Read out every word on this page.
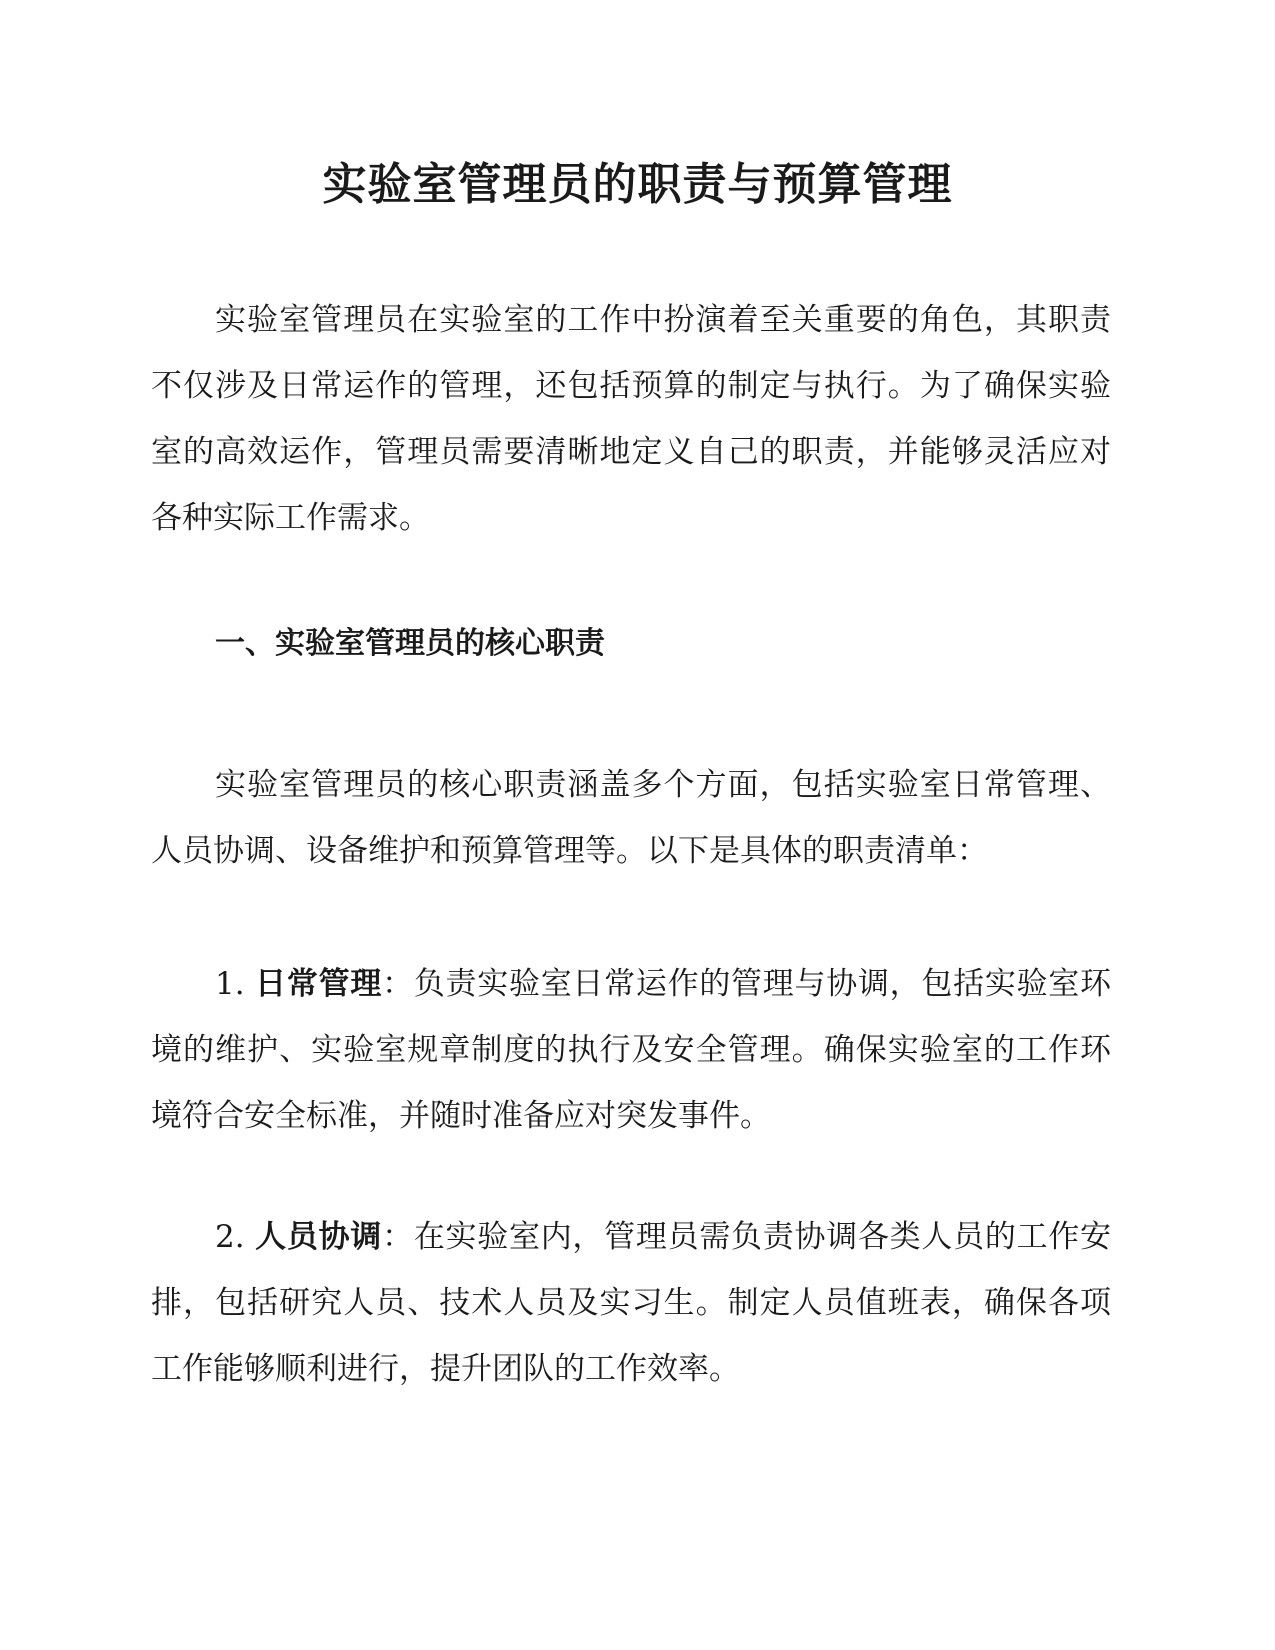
实验室管理员的职责与预算管理

实验室管理员在实验室的工作中扮演着至关重要的角色，其职责不仅涉及日常运作的管理，还包括预算的制定与执行。为了确保实验室的高效运作，管理员需要清晰地定义自己的职责，并能够灵活应对各种实际工作需求。

一、实验室管理员的核心职责

实验室管理员的核心职责涵盖多个方面，包括实验室日常管理、人员协调、设备维护和预算管理等。以下是具体的职责清单：

1. 日常管理：负责实验室日常运作的管理与协调，包括实验室环境的维护、实验室规章制度的执行及安全管理。确保实验室的工作环境符合安全标准，并随时准备应对突发事件。

2. 人员协调：在实验室内，管理员需负责协调各类人员的工作安排，包括研究人员、技术人员及实习生。制定人员值班表，确保各项工作能够顺利进行，提升团队的工作效率。
